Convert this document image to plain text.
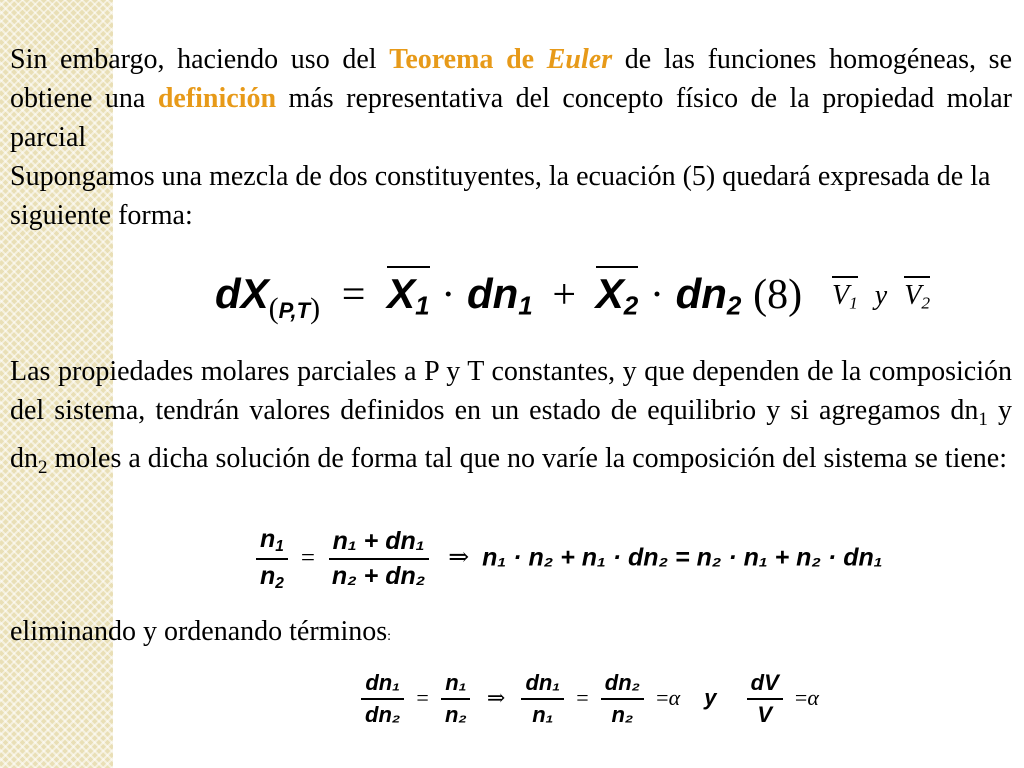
Sin embargo, haciendo uso del Teorema de Euler de las funciones homogéneas, se obtiene una definición más representativa del concepto físico de la propiedad molar parcial

Supongamos una mezcla de dos constituyentes, la ecuación (5) quedará expresada de la siguiente forma:

$dX_{(P,T)} = X1 \cdot dn1 + X2 \cdot dn2$ (8) V1 y V2

Las propiedades molares parciales a P y T constantes, y que dependen de la composición del sistema, tendrán valores definidos en un estado de equilibrio y si agregamos $dn_1$ y $dn_2$ moles a dicha solución de forma tal que no varíe la composición del sistema se tiene:

$\frac{n1}{n2} = \frac{\text{n₁ + dn₁}}{\text{n₂ + dn₂}}$ ⇒ n₁ · n₂ + n₁ · dn₂ = n₂ · n₁ + n₂ · dn₁

eliminando y ordenando términos:

$\frac{\text{dn₁}}{\text{dn₂}} = \frac{\text{n₁}}{\text{n₂}}$ ⇒ $\frac{\text{dn₁}}{\text{n₁}} = \frac{\text{dn₂}}{\text{n₂}} =\alpha$ y $\frac{dV}{V} =\alpha$
